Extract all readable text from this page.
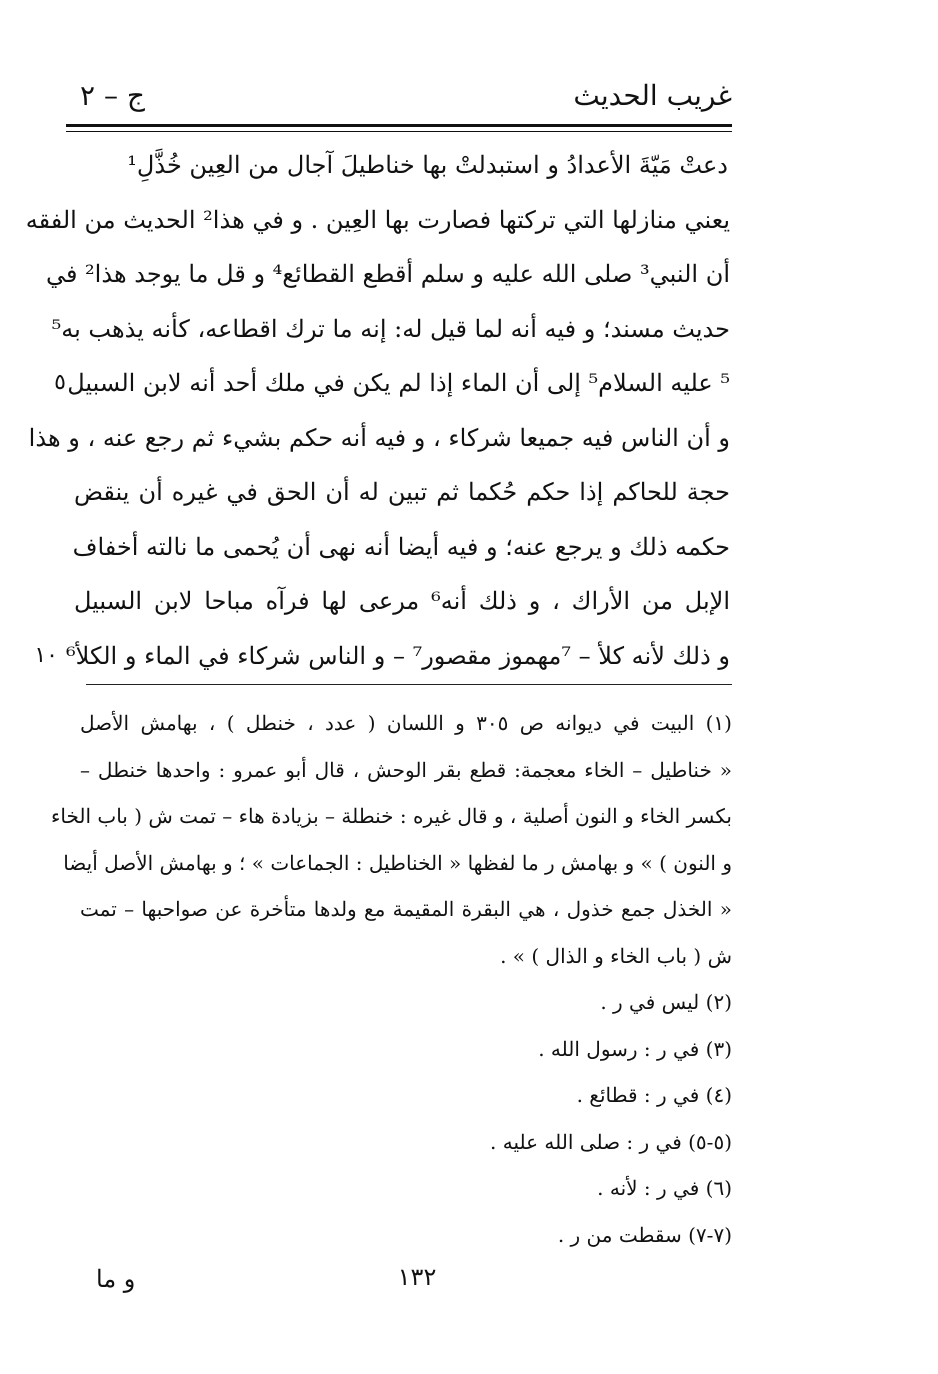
غريب الحديث
ج – ٢
دعتْ مَيّةَ الأعدادُ و استبدلتْ بها خناطيلَ آجال من العِين خُذَّلِ¹
يعني منازلها التي تركتها فصارت بها العِين . و في هذا² الحديث من الفقه
أن النبي³ صلى الله عليه و سلم أقطع القطائع⁴ و قل ما يوجد هذا² في
حديث مسند؛ و فيه أنه لما قيل له: إنه ما ترك اقطاعه، كأنه يذهب به⁵
⁵ عليه السلام⁵ إلى أن الماء إذا لم يكن في ملك أحد أنه لابن السبيل
٥
و أن الناس فيه جميعا شركاء ، و فيه أنه حكم بشيء ثم رجع عنه ، و هذا
حجة للحاكم إذا حكم حُكما ثم تبين له أن الحق في غيره أن ينقض
حكمه ذلك و يرجع عنه؛ و فيه أيضا أنه نهى أن يُحمى ما نالته أخفاف
الإبل من الأراك ، و ذلك أنه⁶ مرعى لها فرآه مباحا لابن السبيل
و ذلك لأنه كلأ – ⁷مهموز مقصور⁷ – و الناس شركاء في الماء و الكلأ⁶
١٠
(١) البيت في ديوانه ص ٣٠٥ و اللسان ( عدد ، خنطل ) ، بهامش الأصل
« خناطيل – الخاء معجمة: قطع بقر الوحش ، قال أبو عمرو : واحدها خنطل –
بكسر الخاء و النون أصلية ، و قال غيره : خنطلة – بزيادة هاء – تمت ش ( باب الخاء
و النون ) » و بهامش ر ما لفظها « الخناطيل : الجماعات » ؛ و بهامش الأصل أيضا
« الخذل جمع خذول ، هي البقرة المقيمة مع ولدها متأخرة عن صواحبها – تمت
ش ( باب الخاء و الذال ) » .
(٢) ليس في ر .
(٣) في ر : رسول الله .
(٤) في ر : قطائع .
(٥-٥) في ر : صلى الله عليه .
(٦) في ر : لأنه .
(٧-٧) سقطت من ر .
١٣٢
و ما
